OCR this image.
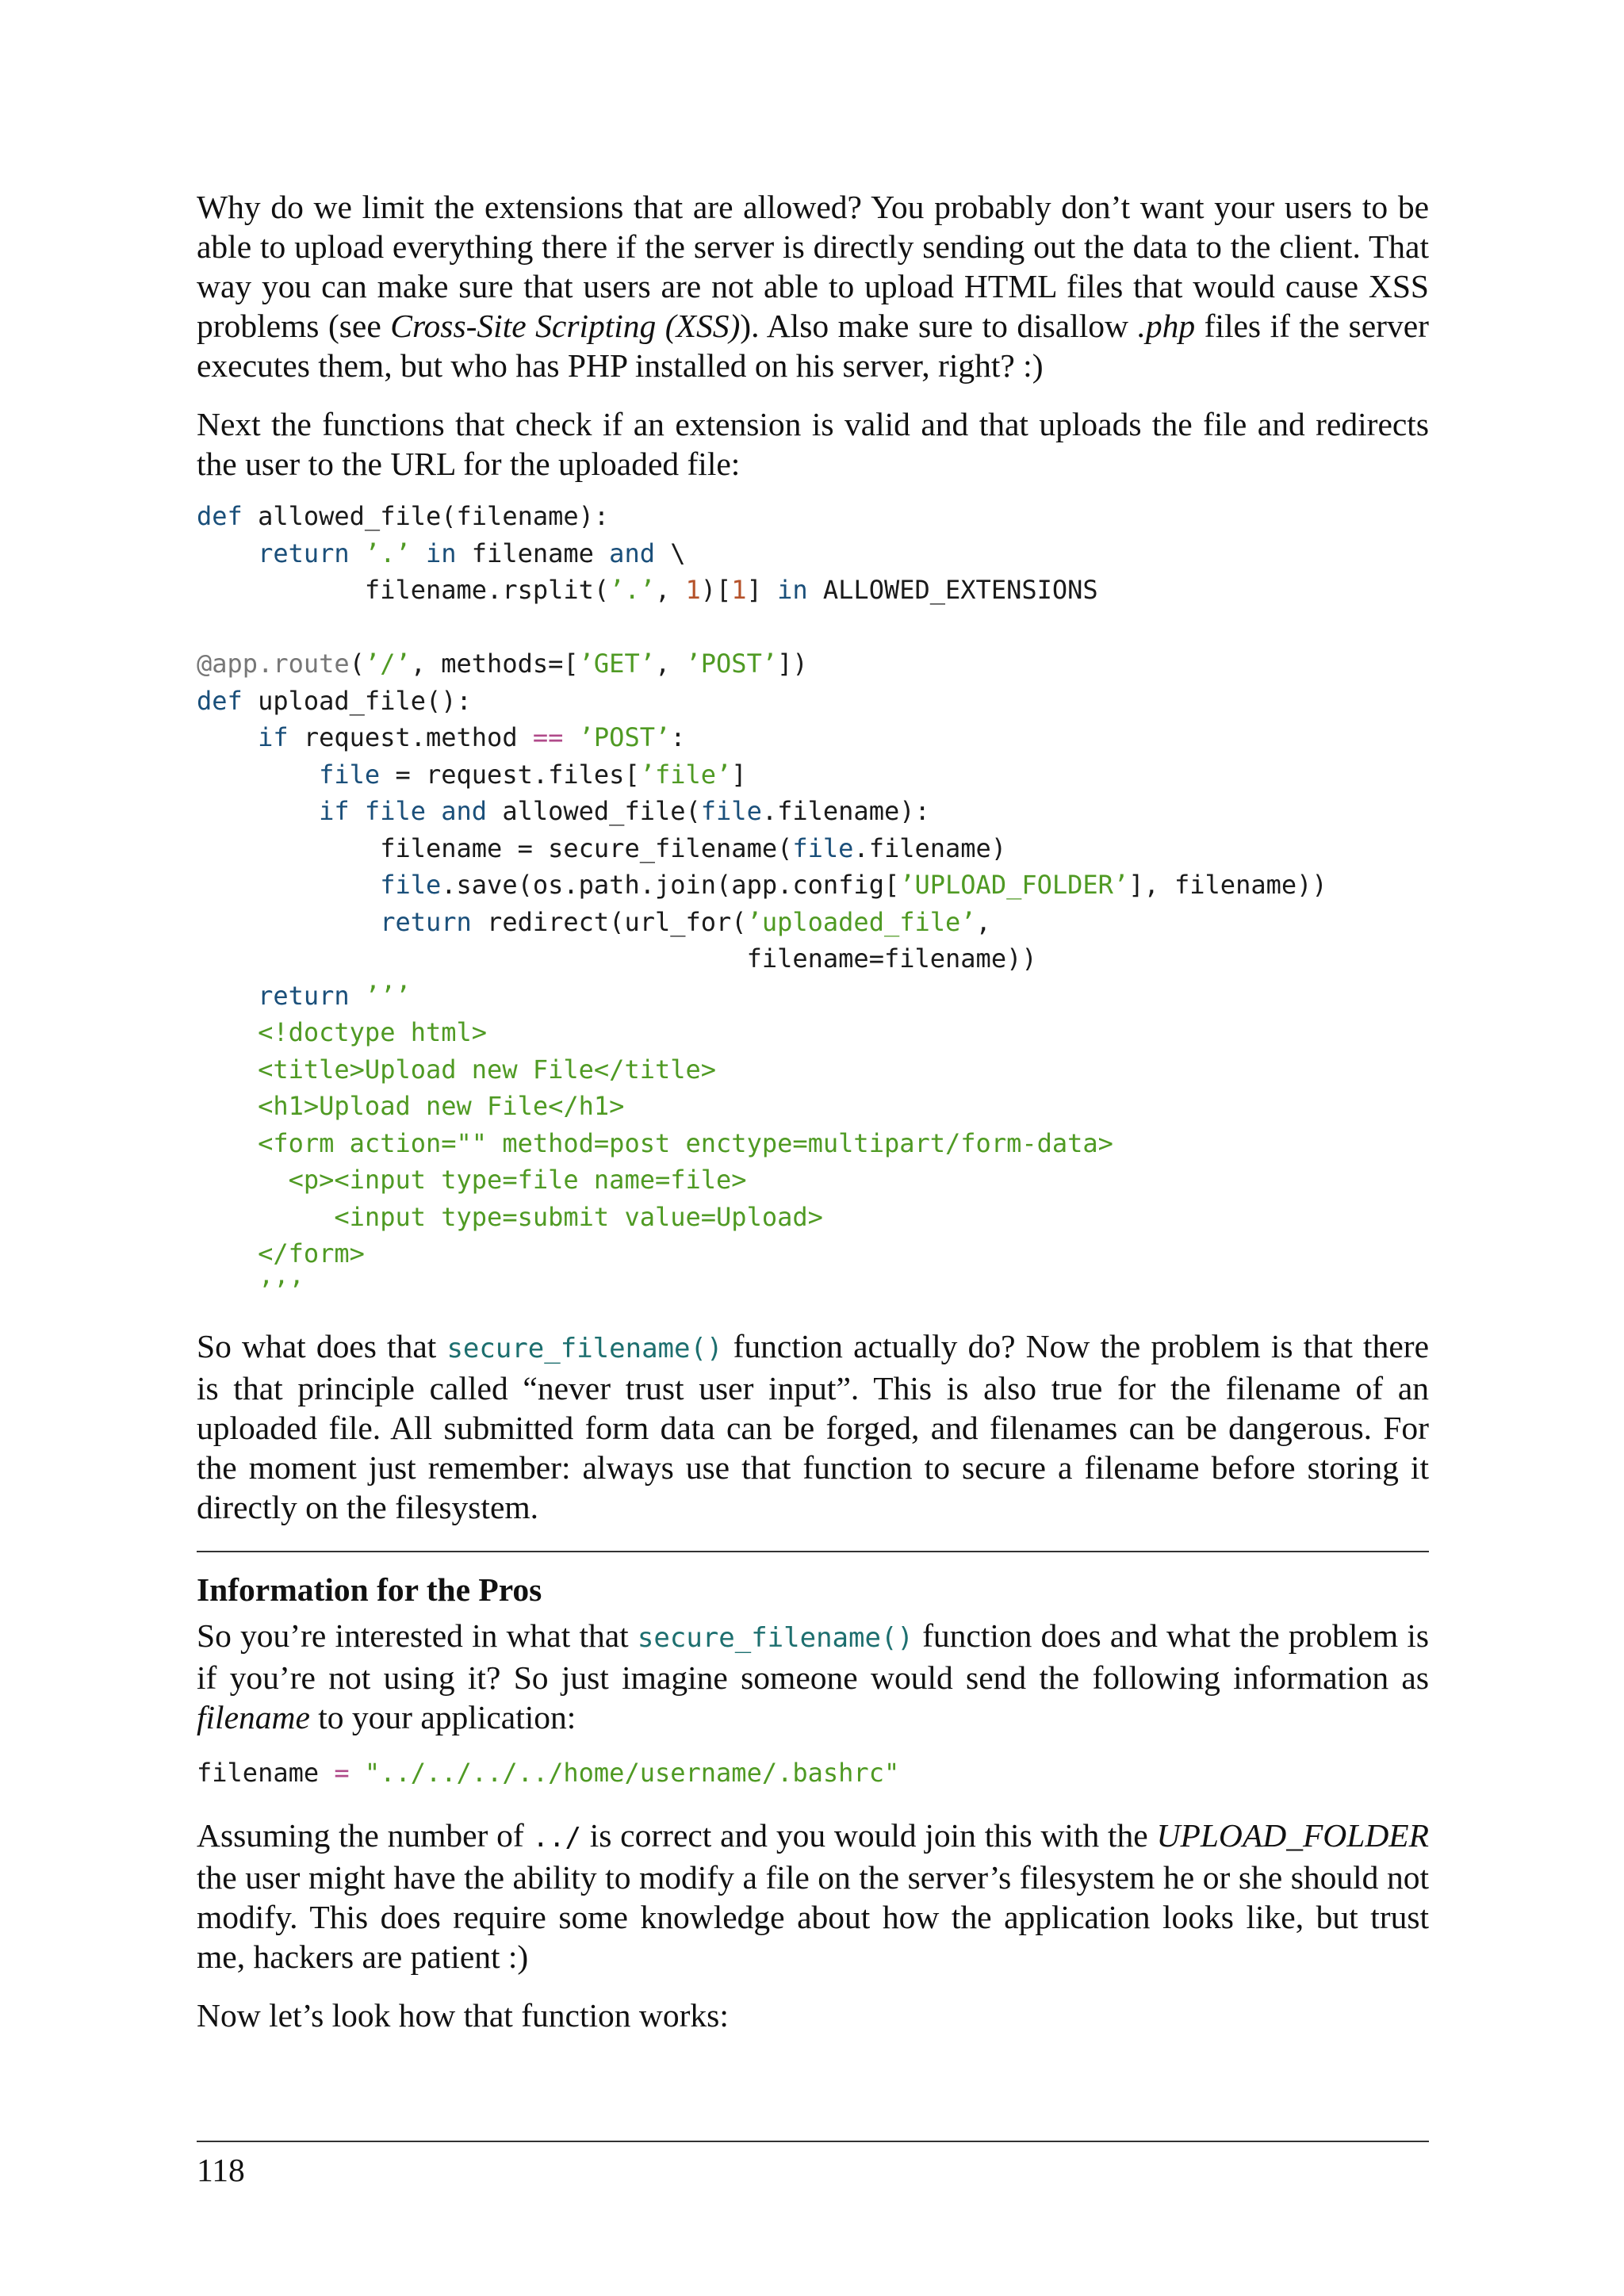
Why do we limit the extensions that are allowed? You probably don’t want your users to be able to upload everything there if the server is directly sending out the data to the client. That way you can make sure that users are not able to upload HTML files that would cause XSS problems (see Cross-Site Scripting (XSS)). Also make sure to disallow .php files if the server executes them, but who has PHP installed on his server, right? :)

Next the functions that check if an extension is valid and that uploads the file and redirects the user to the URL for the uploaded file:

def allowed_file(filename):
return ’.’ in filename and \
filename.rsplit(’.’, 1)[1] in ALLOWED_EXTENSIONS

@app.route(’/’, methods=[’GET’, ’POST’])
def upload_file():
if request.method == ’POST’:
file = request.files[’file’]
if file and allowed_file(file.filename):
filename = secure_filename(file.filename)
file.save(os.path.join(app.config[’UPLOAD_FOLDER’], filename))
return redirect(url_for(’uploaded_file’,
filename=filename))
return ’’’
<!doctype html>
<title>Upload new File</title>
<h1>Upload new File</h1>
<form action="" method=post enctype=multipart/form-data>
<p><input type=file name=file>
<input type=submit value=Upload>
</form>
’’’

So what does that secure_filename() function actually do? Now the problem is that there is that principle called “never trust user input”. This is also true for the filename of an uploaded file. All submitted form data can be forged, and filenames can be dangerous. For the moment just remember: always use that function to secure a filename before storing it directly on the filesystem.

Information for the Pros

So you’re interested in what that secure_filename() function does and what the problem is if you’re not using it? So just imagine someone would send the following information as filename to your application:

filename = "../../../../home/username/.bashrc"

Assuming the number of ../ is correct and you would join this with the UPLOAD_FOLDER the user might have the ability to modify a file on the server’s filesystem he or she should not modify. This does require some knowledge about how the application looks like, but trust me, hackers are patient :)

Now let’s look how that function works:

118
